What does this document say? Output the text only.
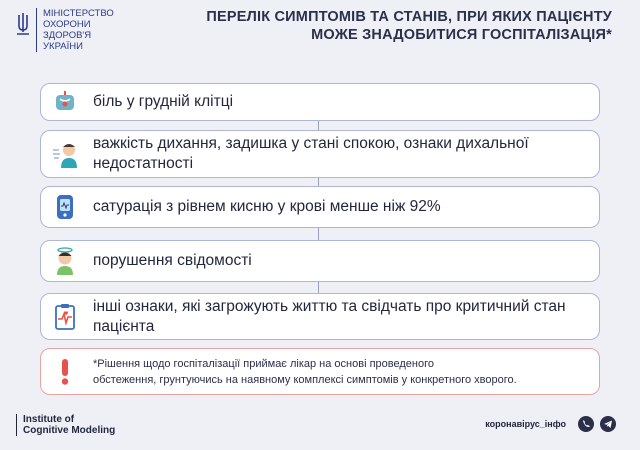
МІНІСТЕРСТВО
ОХОРОНИ
ЗДОРОВ'Я
УКРАЇНИ
ПЕРЕЛІК СИМПТОМІВ ТА СТАНІВ, ПРИ ЯКИХ ПАЦІЄНТУ
МОЖЕ ЗНАДОБИТИСЯ ГОСПІТАЛІЗАЦІЯ*
біль у грудній клітці
важкість дихання, задишка у стані спокою, ознаки дихальної недостатності
сатурація з рівнем кисню у крові менше ніж 92%
порушення свідомості
інші ознаки, які загрожують життю та свідчать про критичний стан пацієнта
*Рішення щодо госпіталізації приймає лікар на основі проведеного
обстеження, грунтуючись на наявному комплексі симптомів у конкретного хворого.
Institute of
Cognitive Modeling
коронавірус_інфо
